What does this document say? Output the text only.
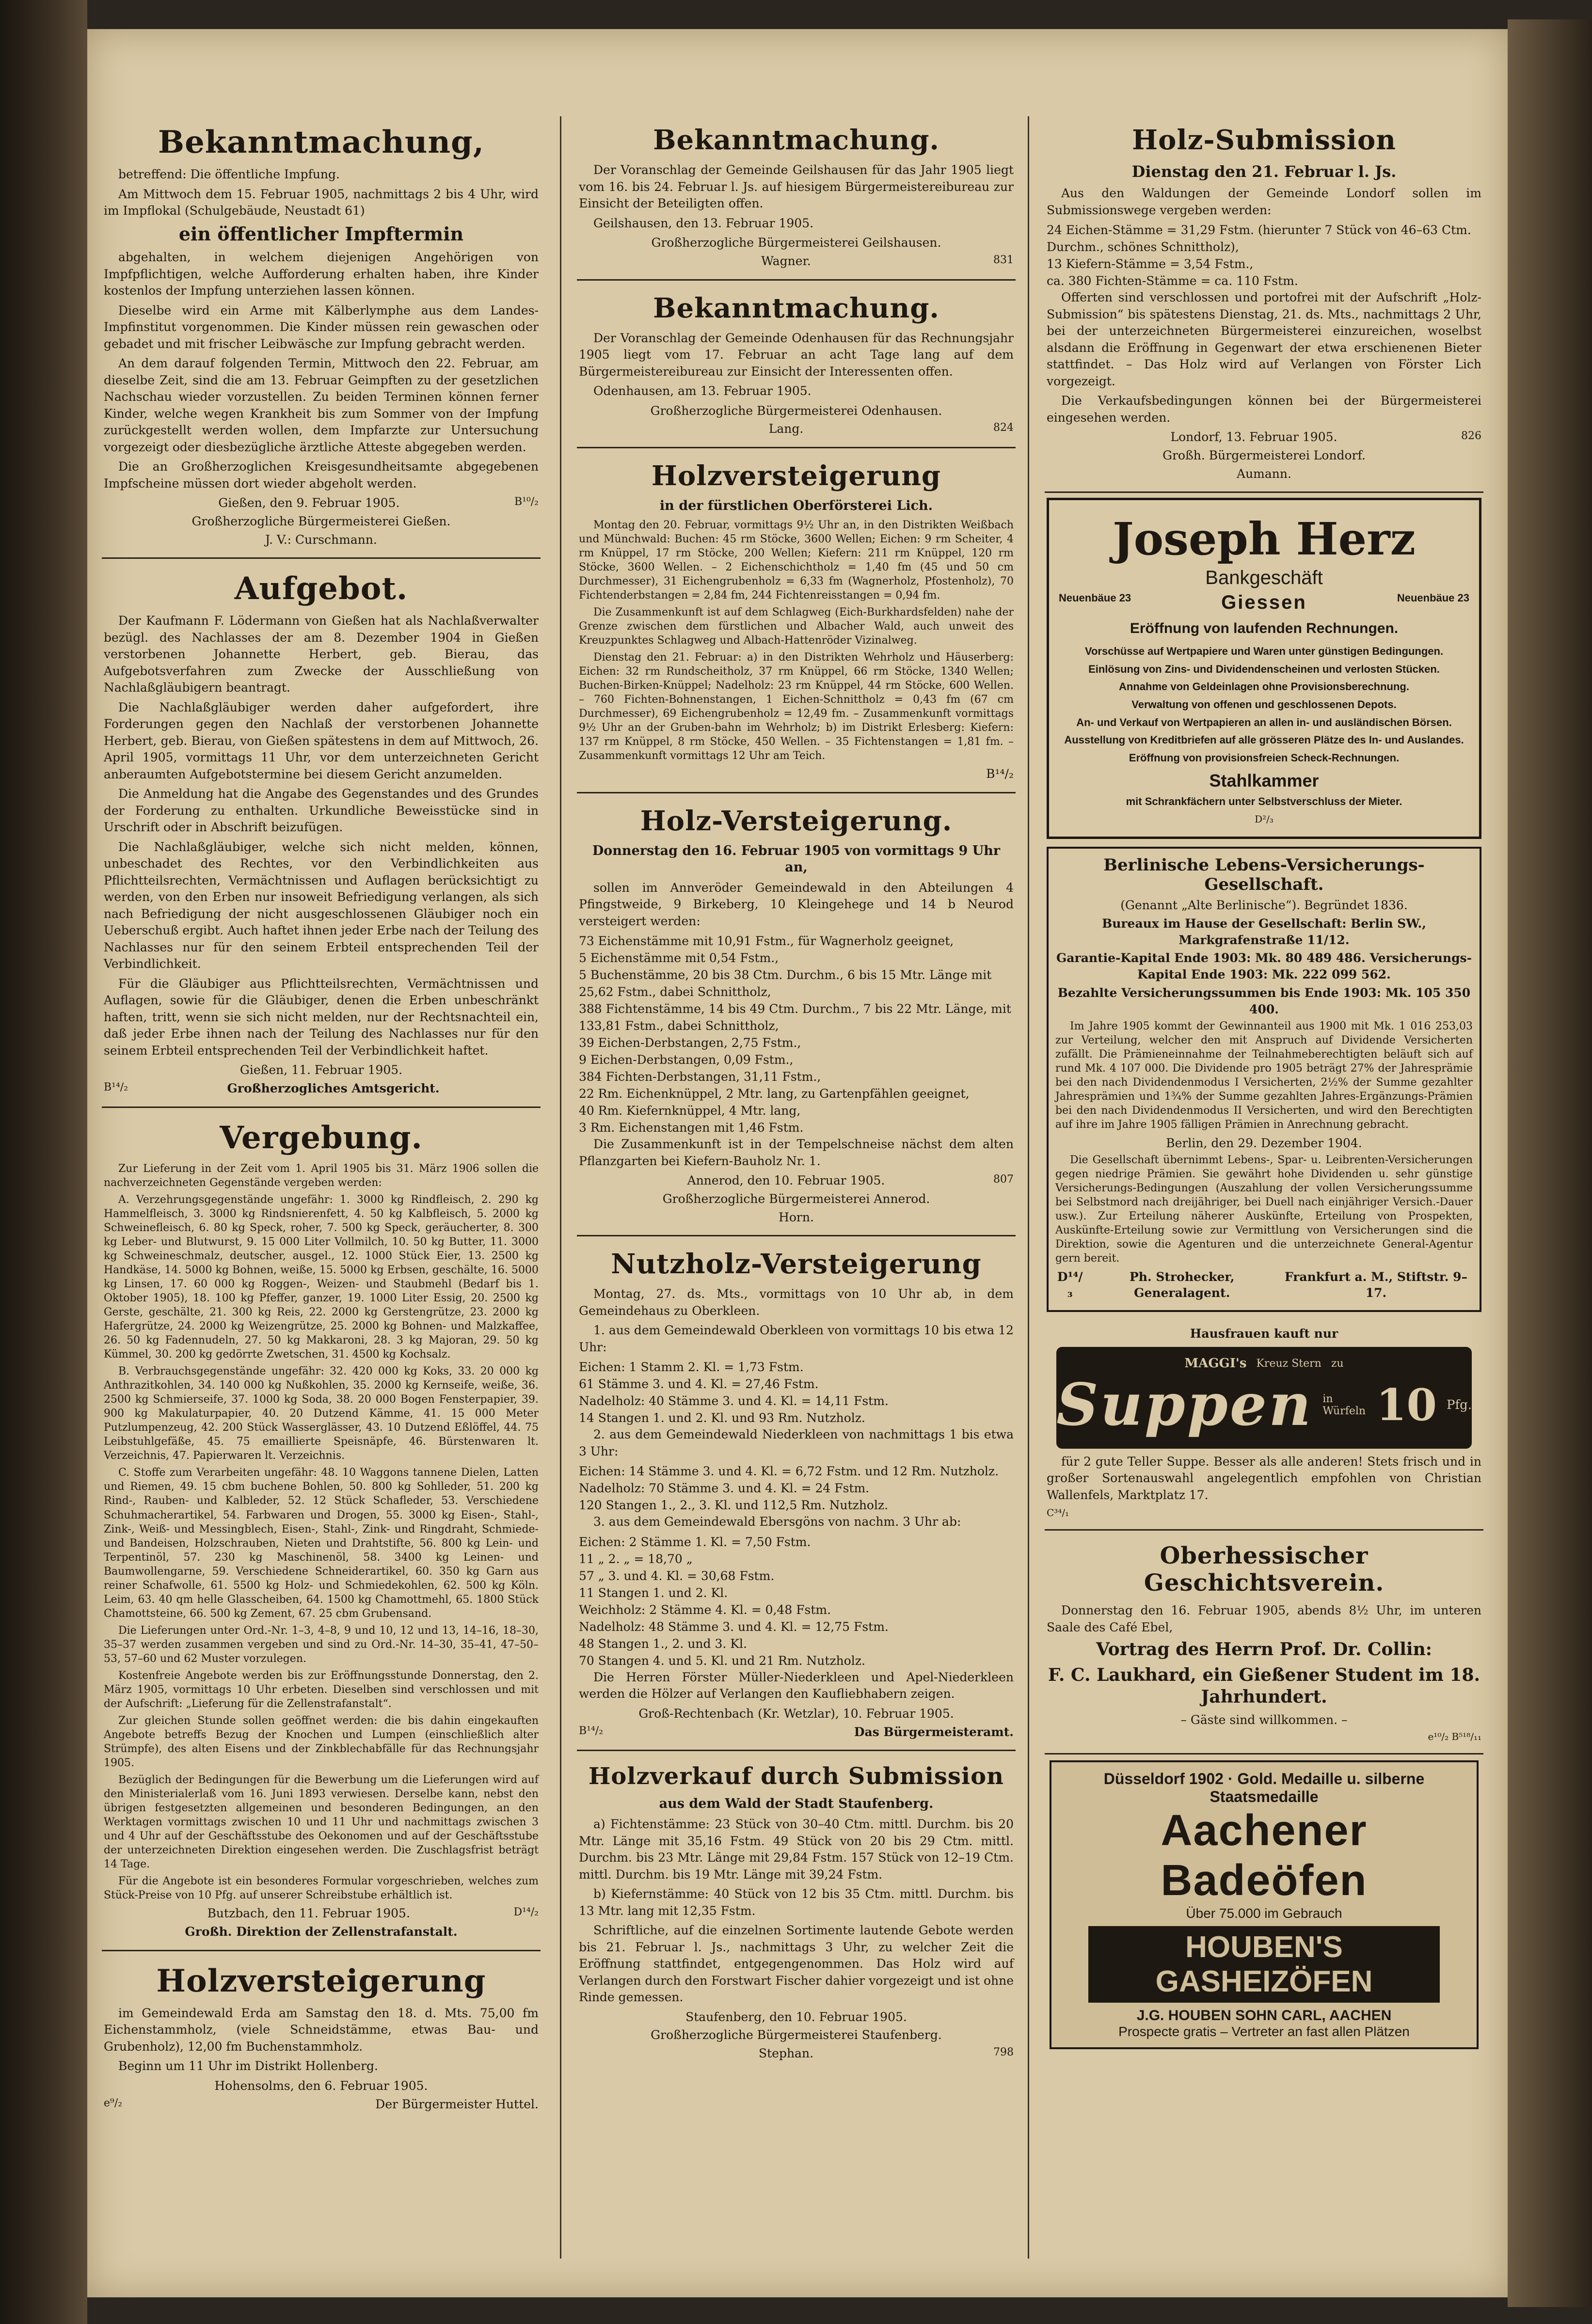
Bekanntmachung,

betreffend: Die öffentliche Impfung.

Am Mittwoch dem 15. Februar 1905, nachmittags 2 bis 4 Uhr, wird im Impflokal (Schulgebäude, Neustadt 61)

ein öffentlicher Impftermin

abgehalten, in welchem diejenigen Angehörigen von Impfpflichtigen, welche Aufforderung erhalten haben, ihre Kinder kostenlos der Impfung unterziehen lassen können.

Dieselbe wird ein Arme mit Kälberlymphe aus dem Landes-Impfinstitut vorgenommen. Die Kinder müssen rein gewaschen oder gebadet und mit frischer Leibwäsche zur Impfung gebracht werden.

An dem darauf folgenden Termin, Mittwoch den 22. Februar, am dieselbe Zeit, sind die am 13. Februar Geimpften zu der gesetzlichen Nachschau wieder vorzustellen. Zu beiden Terminen können ferner Kinder, welche wegen Krankheit bis zum Sommer von der Impfung zurückgestellt werden wollen, dem Impfarzte zur Untersuchung vorgezeigt oder diesbezügliche ärztliche Atteste abgegeben werden.

Die an Großherzoglichen Kreisgesundheitsamte abgegebenen Impfscheine müssen dort wieder abgeholt werden.

Gießen, den 9. Februar 1905.	B¹⁰/₂
Großherzogliche Bürgermeisterei Gießen.
J. V.: Curschmann.
Aufgebot.

Der Kaufmann F. Lödermann von Gießen hat als Nachlaßverwalter bezügl. des Nachlasses der am 8. Dezember 1904 in Gießen verstorbenen Johannette Herbert, geb. Bierau, das Aufgebotsverfahren zum Zwecke der Ausschließung von Nachlaßgläubigern beantragt.

Die Nachlaßgläubiger werden daher aufgefordert, ihre Forderungen gegen den Nachlaß der verstorbenen Johannette Herbert, geb. Bierau, von Gießen spätestens in dem auf Mittwoch, 26. April 1905, vormittags 11 Uhr, vor dem unterzeichneten Gericht anberaumten Aufgebotstermine bei diesem Gericht anzumelden.

Die Anmeldung hat die Angabe des Gegenstandes und des Grundes der Forderung zu enthalten. Urkundliche Beweisstücke sind in Urschrift oder in Abschrift beizufügen.

Die Nachlaßgläubiger, welche sich nicht melden, können, unbeschadet des Rechtes, vor den Verbindlichkeiten aus Pflichtteilsrechten, Vermächtnissen und Auflagen berücksichtigt zu werden, von den Erben nur insoweit Befriedigung verlangen, als sich nach Befriedigung der nicht ausgeschlossenen Gläubiger noch ein Ueberschuß ergibt. Auch haftet ihnen jeder Erbe nach der Teilung des Nachlasses nur für den seinem Erbteil entsprechenden Teil der Verbindlichkeit.

Für die Gläubiger aus Pflichtteilsrechten, Vermächtnissen und Auflagen, sowie für die Gläubiger, denen die Erben unbeschränkt haften, tritt, wenn sie sich nicht melden, nur der Rechtsnachteil ein, daß jeder Erbe ihnen nach der Teilung des Nachlasses nur für den seinem Erbteil entsprechenden Teil der Verbindlichkeit haftet.

Gießen, 11. Februar 1905.
B¹⁴/₂	Großherzogliches Amtsgericht.
Vergebung.

Zur Lieferung in der Zeit vom 1. April 1905 bis 31. März 1906 sollen die nachverzeichneten Gegenstände vergeben werden:

A. Verzehrungsgegenstände ungefähr: 1. 3000 kg Rindfleisch, 2. 290 kg Hammelfleisch, 3. 3000 kg Rindsnierenfett, 4. 50 kg Kalbfleisch, 5. 2000 kg Schweinefleisch, 6. 80 kg Speck, roher, 7. 500 kg Speck, geräucherter, 8. 300 kg Leber- und Blutwurst, 9. 15 000 Liter Vollmilch, 10. 50 kg Butter, 11. 3000 kg Schweineschmalz, deutscher, ausgel., 12. 1000 Stück Eier, 13. 2500 kg Handkäse, 14. 5000 kg Bohnen, weiße, 15. 5000 kg Erbsen, geschälte, 16. 5000 kg Linsen, 17. 60 000 kg Roggen-, Weizen- und Staubmehl (Bedarf bis 1. Oktober 1905), 18. 100 kg Pfeffer, ganzer, 19. 1000 Liter Essig, 20. 2500 kg Gerste, geschälte, 21. 300 kg Reis, 22. 2000 kg Gerstengrütze, 23. 2000 kg Hafergrütze, 24. 2000 kg Weizengrütze, 25. 2000 kg Bohnen- und Malzkaffee, 26. 50 kg Fadennudeln, 27. 50 kg Makkaroni, 28. 3 kg Majoran, 29. 50 kg Kümmel, 30. 200 kg gedörrte Zwetschen, 31. 4500 kg Kochsalz.

B. Verbrauchsgegenstände ungefähr: 32. 420 000 kg Koks, 33. 20 000 kg Anthrazitkohlen, 34. 140 000 kg Nußkohlen, 35. 2000 kg Kernseife, weiße, 36. 2500 kg Schmierseife, 37. 1000 kg Soda, 38. 20 000 Bogen Fensterpapier, 39. 900 kg Makulaturpapier, 40. 20 Dutzend Kämme, 41. 15 000 Meter Putzlumpenzeug, 42. 200 Stück Wasserglässer, 43. 10 Dutzend Eßlöffel, 44. 75 Leibstuhlgefäße, 45. 75 emaillierte Speisnäpfe, 46. Bürstenwaren lt. Verzeichnis, 47. Papierwaren lt. Verzeichnis.

C. Stoffe zum Verarbeiten ungefähr: 48. 10 Waggons tannene Dielen, Latten und Riemen, 49. 15 cbm buchene Bohlen, 50. 800 kg Sohlleder, 51. 200 kg Rind-, Rauben- und Kalbleder, 52. 12 Stück Schafleder, 53. Verschiedene Schuhmacherartikel, 54. Farbwaren und Drogen, 55. 3000 kg Eisen-, Stahl-, Zink-, Weiß- und Messingblech, Eisen-, Stahl-, Zink- und Ringdraht, Schmiede- und Bandeisen, Holzschrauben, Nieten und Drahtstifte, 56. 800 kg Lein- und Terpentinöl, 57. 230 kg Maschinenöl, 58. 3400 kg Leinen- und Baumwollengarne, 59. Verschiedene Schneiderartikel, 60. 350 kg Garn aus reiner Schafwolle, 61. 5500 kg Holz- und Schmiedekohlen, 62. 500 kg Köln. Leim, 63. 40 qm helle Glasscheiben, 64. 1500 kg Chamottmehl, 65. 1800 Stück Chamottsteine, 66. 500 kg Zement, 67. 25 cbm Grubensand.

Die Lieferungen unter Ord.-Nr. 1–3, 4–8, 9 und 10, 12 und 13, 14–16, 18–30, 35–37 werden zusammen vergeben und sind zu Ord.-Nr. 14–30, 35–41, 47–50–53, 57–60 und 62 Muster vorzulegen.

Kostenfreie Angebote werden bis zur Eröffnungsstunde Donnerstag, den 2. März 1905, vormittags 10 Uhr erbeten. Dieselben sind verschlossen und mit der Aufschrift: „Lieferung für die Zellenstrafanstalt“.

Zur gleichen Stunde sollen geöffnet werden: die bis dahin eingekauften Angebote betreffs Bezug der Knochen und Lumpen (einschließlich alter Strümpfe), des alten Eisens und der Zinkblechabfälle für das Rechnungsjahr 1905.

Bezüglich der Bedingungen für die Bewerbung um die Lieferungen wird auf den Ministerialerlaß vom 16. Juni 1893 verwiesen. Derselbe kann, nebst den übrigen festgesetzten allgemeinen und besonderen Bedingungen, an den Werktagen vormittags zwischen 10 und 11 Uhr und nachmittags zwischen 3 und 4 Uhr auf der Geschäftsstube des Oekonomen und auf der Geschäftsstube der unterzeichneten Direktion eingesehen werden. Die Zuschlagsfrist beträgt 14 Tage.

Für die Angebote ist ein besonderes Formular vorgeschrieben, welches zum Stück-Preise von 10 Pfg. auf unserer Schreibstube erhältlich ist.

Butzbach, den 11. Februar 1905.	D¹⁴/₂
Großh. Direktion der Zellenstrafanstalt.
Holzversteigerung

im Gemeindewald Erda am Samstag den 18. d. Mts. 75,00 fm Eichenstammholz, (viele Schneidstämme, etwas Bau- und Grubenholz), 12,00 fm Buchenstammholz.

Beginn um 11 Uhr im Distrikt Hollenberg.

Hohensolms, den 6. Februar 1905.
e⁹/₂	Der Bürgermeister Huttel.
Bekanntmachung.

Der Voranschlag der Gemeinde Geilshausen für das Jahr 1905 liegt vom 16. bis 24. Februar l. Js. auf hiesigem Bürgermeistereibureau zur Einsicht der Beteiligten offen.

Geilshausen, den 13. Februar 1905.

Großherzogliche Bürgermeisterei Geilshausen.
Wagner.	831
Bekanntmachung.

Der Voranschlag der Gemeinde Odenhausen für das Rechnungsjahr 1905 liegt vom 17. Februar an acht Tage lang auf dem Bürgermeistereibureau zur Einsicht der Interessenten offen.

Odenhausen, am 13. Februar 1905.

Großherzogliche Bürgermeisterei Odenhausen.
Lang.	824
Holzversteigerung
in der fürstlichen Oberförsterei Lich.

Montag den 20. Februar, vormittags 9½ Uhr an, in den Distrikten Weißbach und Münchwald: Buchen: 45 rm Stöcke, 3600 Wellen; Eichen: 9 rm Scheiter, 4 rm Knüppel, 17 rm Stöcke, 200 Wellen; Kiefern: 211 rm Knüppel, 120 rm Stöcke, 3600 Wellen. – 2 Eichenschichtholz = 1,40 fm (45 und 50 cm Durchmesser), 31 Eichengrubenholz = 6,33 fm (Wagnerholz, Pfostenholz), 70 Fichtenderbstangen = 2,84 fm, 244 Fichtenreisstangen = 0,94 fm.

Die Zusammenkunft ist auf dem Schlagweg (Eich-Burkhardsfelden) nahe der Grenze zwischen dem fürstlichen und Albacher Wald, auch unweit des Kreuzpunktes Schlagweg und Albach-Hattenröder Vizinalweg.

Dienstag den 21. Februar: a) in den Distrikten Wehrholz und Häuserberg: Eichen: 32 rm Rundscheitholz, 37 rm Knüppel, 66 rm Stöcke, 1340 Wellen; Buchen-Birken-Knüppel; Nadelholz: 23 rm Knüppel, 44 rm Stöcke, 600 Wellen. – 760 Fichten-Bohnenstangen, 1 Eichen-Schnittholz = 0,43 fm (67 cm Durchmesser), 69 Eichengrubenholz = 12,49 fm. – Zusammenkunft vormittags 9½ Uhr an der Gruben-bahn im Wehrholz; b) im Distrikt Erlesberg: Kiefern: 137 rm Knüppel, 8 rm Stöcke, 450 Wellen. – 35 Fichtenstangen = 1,81 fm. – Zusammenkunft vormittags 12 Uhr am Teich.

B¹⁴/₂
Holz-Versteigerung.
Donnerstag den 16. Februar 1905 von vormittags 9 Uhr an,

sollen im Annveröder Gemeindewald in den Abteilungen 4 Pfingstweide, 9 Birkeberg, 10 Kleingehege und 14 b Neurod versteigert werden:

73 Eichenstämme mit 10,91 Fstm., für Wagnerholz geeignet,
5 Eichenstämme mit 0,54 Fstm.,
5 Buchenstämme, 20 bis 38 Ctm. Durchm., 6 bis 15 Mtr. Länge mit 25,62 Fstm., dabei Schnittholz,
388 Fichtenstämme, 14 bis 49 Ctm. Durchm., 7 bis 22 Mtr. Länge, mit 133,81 Fstm., dabei Schnittholz,
39 Eichen-Derbstangen, 2,75 Fstm.,
9 Eichen-Derbstangen, 0,09 Fstm.,
384 Fichten-Derbstangen, 31,11 Fstm.,
22 Rm. Eichenknüppel, 2 Mtr. lang, zu Gartenpfählen geeignet,
40 Rm. Kiefernknüppel, 4 Mtr. lang,
3 Rm. Eichenstangen mit 1,46 Fstm.

Die Zusammenkunft ist in der Tempelschneise nächst dem alten Pflanzgarten bei Kiefern-Bauholz Nr. 1.

Annerod, den 10. Februar 1905.	807
Großherzogliche Bürgermeisterei Annerod.
Horn.
Nutzholz-Versteigerung

Montag, 27. ds. Mts., vormittags von 10 Uhr ab, in dem Gemeindehaus zu Oberkleen.

1. aus dem Gemeindewald Oberkleen von vormittags 10 bis etwa 12 Uhr:

Eichen: 1 Stamm 2. Kl. = 1,73 Fstm.
61 Stämme 3. und 4. Kl. = 27,46 Fstm.
Nadelholz: 40 Stämme 3. und 4. Kl. = 14,11 Fstm.
14 Stangen 1. und 2. Kl. und 93 Rm. Nutzholz.

2. aus dem Gemeindewald Niederkleen von nachmittags 1 bis etwa 3 Uhr:

Eichen: 14 Stämme 3. und 4. Kl. = 6,72 Fstm. und 12 Rm. Nutzholz.
Nadelholz: 70 Stämme 3. und 4. Kl. = 24 Fstm.
120 Stangen 1., 2., 3. Kl. und 112,5 Rm. Nutzholz.

3. aus dem Gemeindewald Ebersgöns von nachm. 3 Uhr ab:

Eichen: 2 Stämme 1. Kl. = 7,50 Fstm.
11 „ 2. „ = 18,70 „
57 „ 3. und 4. Kl. = 30,68 Fstm.
11 Stangen 1. und 2. Kl.
Weichholz: 2 Stämme 4. Kl. = 0,48 Fstm.
Nadelholz: 48 Stämme 3. und 4. Kl. = 12,75 Fstm.
48 Stangen 1., 2. und 3. Kl.
70 Stangen 4. und 5. Kl. und 21 Rm. Nutzholz.

Die Herren Förster Müller-Niederkleen und Apel-Niederkleen werden die Hölzer auf Verlangen den Kaufliebhabern zeigen.

Groß-Rechtenbach (Kr. Wetzlar), 10. Februar 1905.
B¹⁴/₂	Das Bürgermeisteramt.
Holzverkauf durch Submission
aus dem Wald der Stadt Staufenberg.

a) Fichtenstämme: 23 Stück von 30–40 Ctm. mittl. Durchm. bis 20 Mtr. Länge mit 35,16 Fstm. 49 Stück von 20 bis 29 Ctm. mittl. Durchm. bis 23 Mtr. Länge mit 29,84 Fstm. 157 Stück von 12–19 Ctm. mittl. Durchm. bis 19 Mtr. Länge mit 39,24 Fstm.

b) Kiefernstämme: 40 Stück von 12 bis 35 Ctm. mittl. Durchm. bis 13 Mtr. lang mit 12,35 Fstm.

Schriftliche, auf die einzelnen Sortimente lautende Gebote werden bis 21. Februar l. Js., nachmittags 3 Uhr, zu welcher Zeit die Eröffnung stattfindet, entgegengenommen. Das Holz wird auf Verlangen durch den Forstwart Fischer dahier vorgezeigt und ist ohne Rinde gemessen.

Staufenberg, den 10. Februar 1905.
Großherzogliche Bürgermeisterei Staufenberg.
Stephan.	798
Holz-Submission
Dienstag den 21. Februar l. Js.

Aus den Waldungen der Gemeinde Londorf sollen im Submissionswege vergeben werden:

24 Eichen-Stämme = 31,29 Fstm. (hierunter 7 Stück von 46–63 Ctm. Durchm., schönes Schnittholz),
13 Kiefern-Stämme = 3,54 Fstm.,
ca. 380 Fichten-Stämme = ca. 110 Fstm.

Offerten sind verschlossen und portofrei mit der Aufschrift „Holz-Submission“ bis spätestens Dienstag, 21. ds. Mts., nachmittags 2 Uhr, bei der unterzeichneten Bürgermeisterei einzureichen, woselbst alsdann die Eröffnung in Gegenwart der etwa erschienenen Bieter stattfindet. – Das Holz wird auf Verlangen von Förster Lich vorgezeigt.

Die Verkaufsbedingungen können bei der Bürgermeisterei eingesehen werden.

Londorf, 13. Februar 1905.	826
Großh. Bürgermeisterei Londorf.
Aumann.
Joseph Herz
Bankgeschäft
Neuenbäue 23	Giessen	Neuenbäue 23
Eröffnung von laufenden Rechnungen.
Vorschüsse auf Wertpapiere und Waren unter günstigen Bedingungen.
Einlösung von Zins- und Dividendenscheinen und verlosten Stücken.
Annahme von Geldeinlagen ohne Provisionsberechnung.
Verwaltung von offenen und geschlossenen Depots.
An- und Verkauf von Wertpapieren an allen in- und ausländischen Börsen.
Ausstellung von Kreditbriefen auf alle grösseren Plätze des In- und Auslandes.
Eröffnung von provisionsfreien Scheck-Rechnungen.
Stahlkammer
mit Schrankfächern unter Selbstverschluss der Mieter.
D²/₃
Berlinische Lebens-Versicherungs-Gesellschaft.
(Genannt „Alte Berlinische“). Begründet 1836.
Bureaux im Hause der Gesellschaft: Berlin SW., Markgrafenstraße 11/12.
Garantie-Kapital Ende 1903: Mk. 80 489 486. Versicherungs-Kapital Ende 1903: Mk. 222 099 562.
Bezahlte Versicherungssummen bis Ende 1903: Mk. 105 350 400.

Im Jahre 1905 kommt der Gewinnanteil aus 1900 mit Mk. 1 016 253,03 zur Verteilung, welcher den mit Anspruch auf Dividende Versicherten zufällt. Die Prämieneinnahme der Teilnahmeberechtigten beläuft sich auf rund Mk. 4 107 000. Die Dividende pro 1905 beträgt 27% der Jahresprämie bei den nach Dividendenmodus I Versicherten, 2½% der Summe gezahlter Jahresprämien und 1¾% der Summe gezahlten Jahres-Ergänzungs-Prämien bei den nach Dividendenmodus II Versicherten, und wird den Berechtigten auf ihre im Jahre 1905 fälligen Prämien in Anrechnung gebracht.

Berlin, den 29. Dezember 1904.

Die Gesellschaft übernimmt Lebens-, Spar- u. Leibrenten-Versicherungen gegen niedrige Prämien. Sie gewährt hohe Dividenden u. sehr günstige Versicherungs-Bedingungen (Auszahlung der vollen Versicherungssumme bei Selbstmord nach dreijähriger, bei Duell nach einjähriger Versich.-Dauer usw.). Zur Erteilung näherer Auskünfte, Erteilung von Prospekten, Auskünfte-Erteilung sowie zur Vermittlung von Versicherungen sind die Direktion, sowie die Agenturen und die unterzeichnete General-Agentur gern bereit.

D¹⁴/₃
Ph. Strohecker, Generalagent.
Frankfurt a. M., Stiftstr. 9–17.
Hausfrauen kauft nur
MAGGI's Kreuz Stern zu
Suppen in Würfeln 10 Pfg.

für 2 gute Teller Suppe. Besser als alle anderen! Stets frisch und in großer Sortenauswahl angelegentlich empfohlen von Christian Wallenfels, Marktplatz 17.

C³⁴/₁
Oberhessischer Geschichtsverein.

Donnerstag den 16. Februar 1905, abends 8½ Uhr, im unteren Saale des Café Ebel,

Vortrag des Herrn Prof. Dr. Collin:
F. C. Laukhard, ein Gießener Student im 18. Jahrhundert.
– Gäste sind willkommen. –
e¹⁰/₂ B⁵¹⁸/₁₁
Düsseldorf 1902 · Gold. Medaille u. silberne Staatsmedaille
Aachener Badeöfen
Über 75.000 im Gebrauch
HOUBEN'S GASHEIZÖFEN
J.G. HOUBEN SOHN CARL, AACHEN
Prospecte gratis – Vertreter an fast allen Plätzen
